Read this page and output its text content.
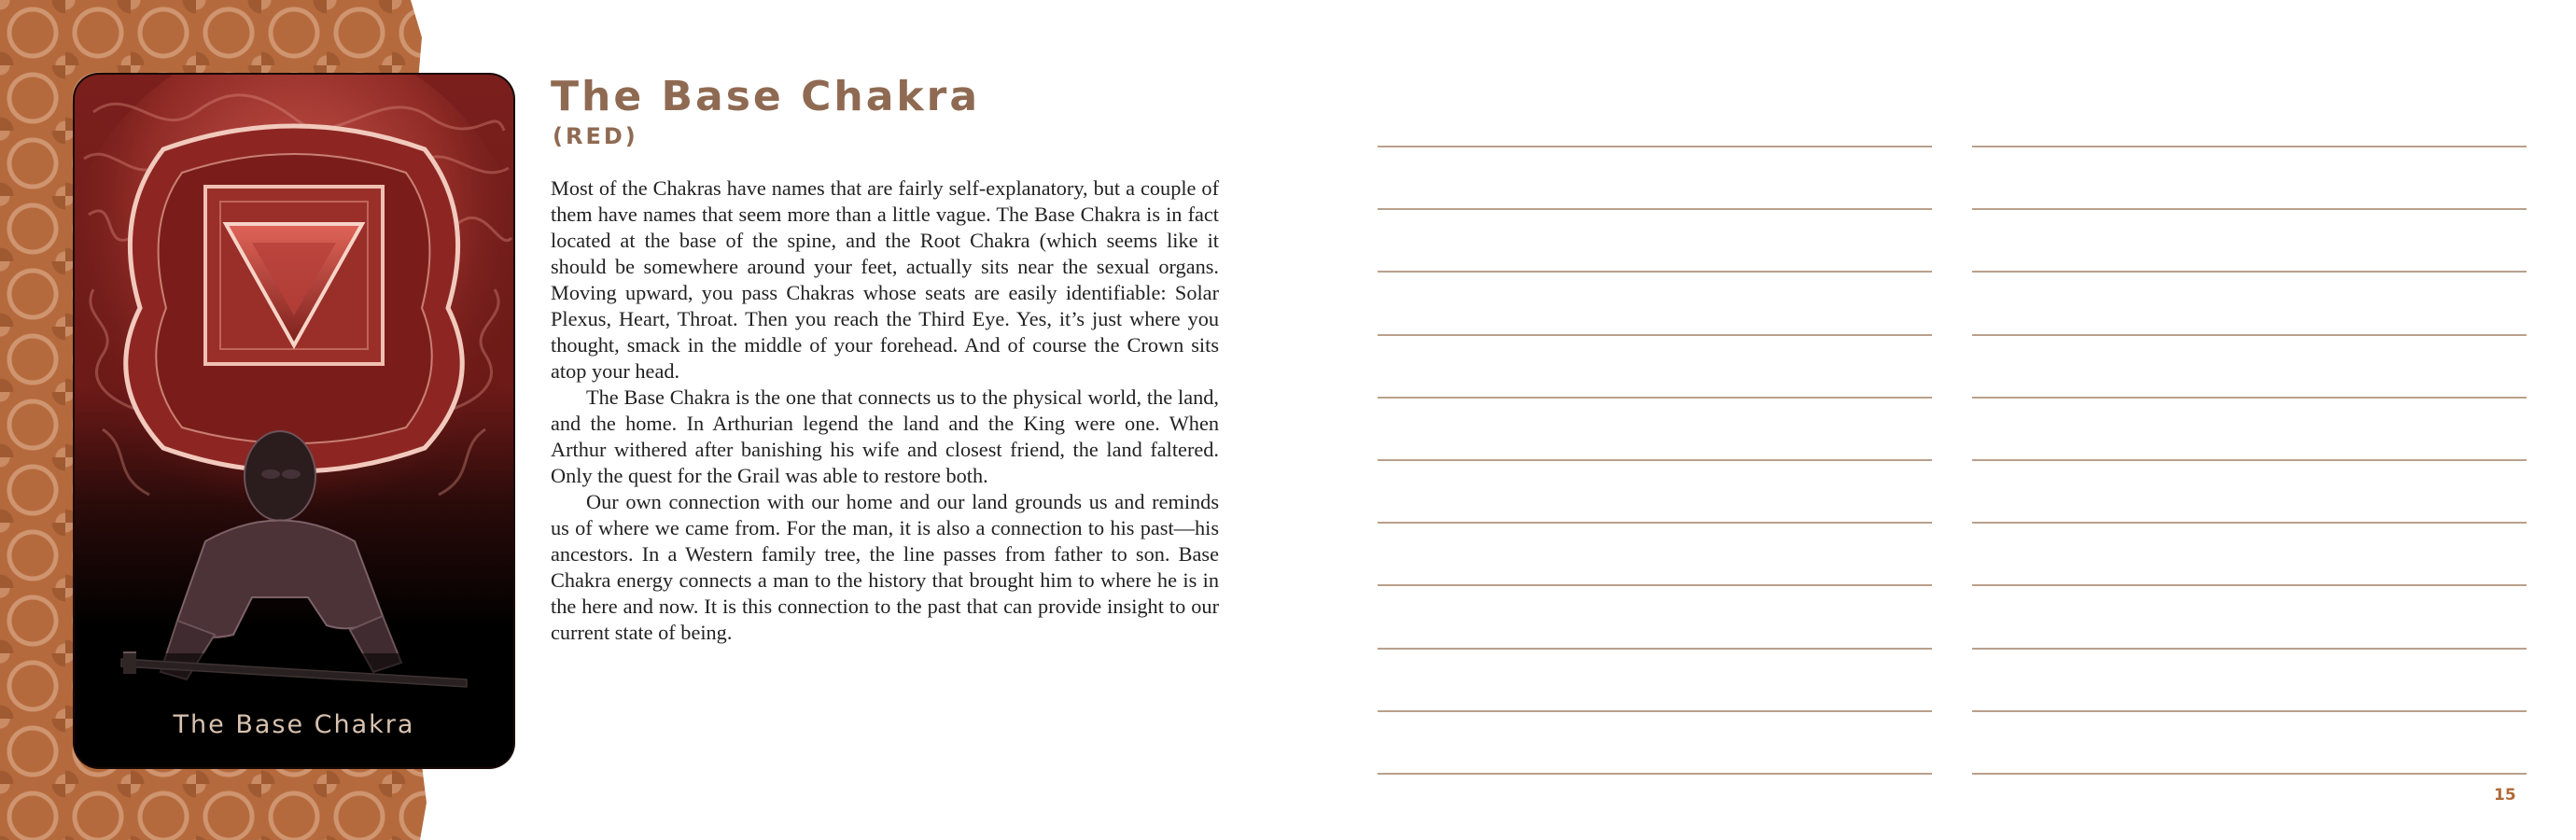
The Base Chakra
The Base Chakra
(RED)

Most of the Chakras have names that are fairly self-explanatory, but a couple of them have names that seem more than a little vague. The Base Chakra is in fact located at the base of the spine, and the Root Chakra (which seems like it should be somewhere around your feet, actually sits near the sexual organs. Moving upward, you pass Chakras whose seats are easily identifiable: Solar Plexus, Heart, Throat. Then you reach the Third Eye. Yes, it’s just where you thought, smack in the middle of your forehead. And of course the Crown sits atop your head.

The Base Chakra is the one that connects us to the physical world, the land, and the home. In Arthurian legend the land and the King were one. When Arthur withered after banishing his wife and closest friend, the land faltered. Only the quest for the Grail was able to restore both.

Our own connection with our home and our land grounds us and reminds us of where we came from. For the man, it is also a connection to his past—his ancestors. In a Western family tree, the line passes from father to son. Base Chakra energy connects a man to the history that brought him to where he is in the here and now. It is this connection to the past that can provide insight to our current state of being.

15
